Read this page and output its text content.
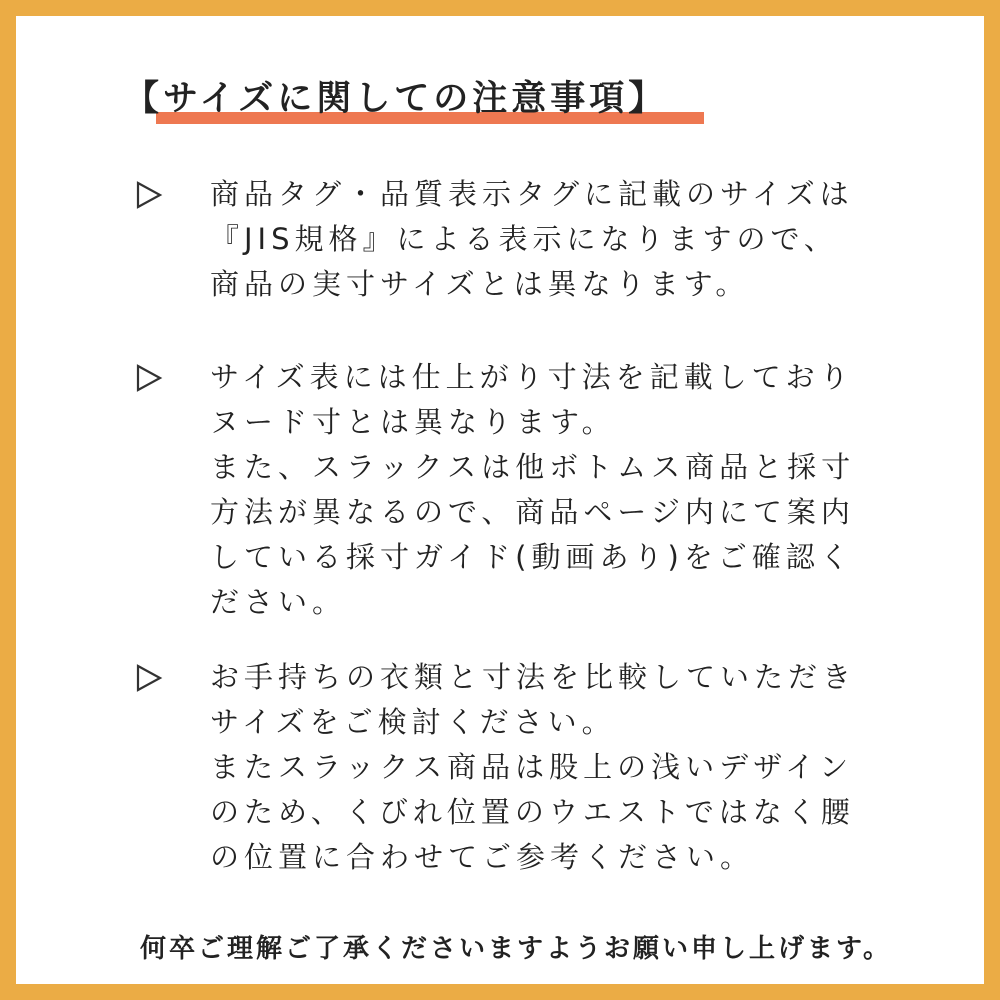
【サイズに関しての注意事項】
商品タグ・品質表示タグに記載のサイズは
『JIS規格』による表示になりますので、
商品の実寸サイズとは異なります。
サイズ表には仕上がり寸法を記載しており
ヌード寸とは異なります。
また、スラックスは他ボトムス商品と採寸
方法が異なるので、商品ページ内にて案内
している採寸ガイド(動画あり)をご確認く
ださい。
お手持ちの衣類と寸法を比較していただき
サイズをご検討ください。
またスラックス商品は股上の浅いデザイン
のため、くびれ位置のウエストではなく腰
の位置に合わせてご参考ください。
何卒ご理解ご了承くださいますようお願い申し上げます。
